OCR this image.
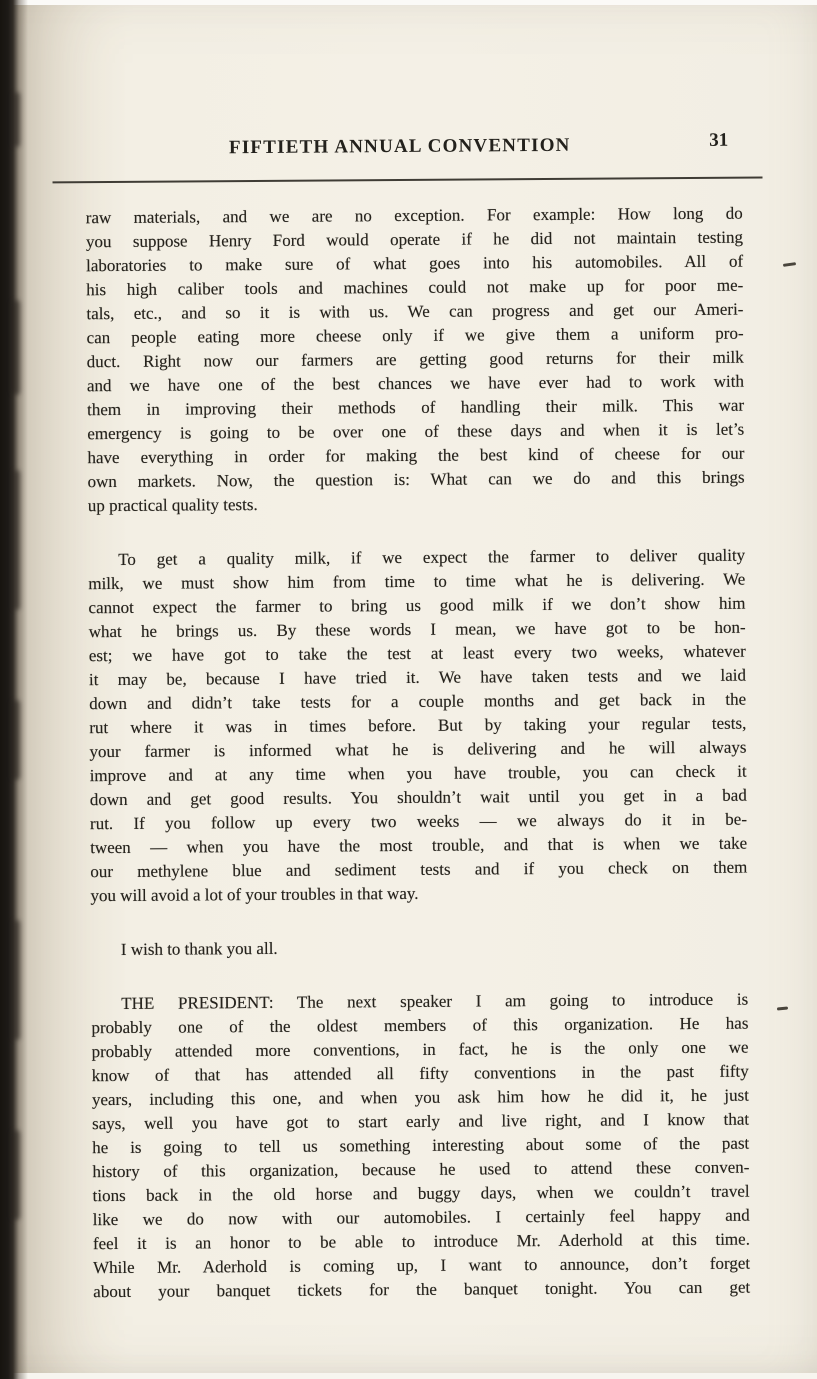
FIFTIETH ANNUAL CONVENTION	31
raw materials, and we are no exception. For example: How long do
you suppose Henry Ford would operate if he did not maintain testing
laboratories to make sure of what goes into his automobiles. All of
his high caliber tools and machines could not make up for poor me-
tals, etc., and so it is with us. We can progress and get our Ameri-
can people eating more cheese only if we give them a uniform pro-
duct. Right now our farmers are getting good returns for their milk
and we have one of the best chances we have ever had to work with
them in improving their methods of handling their milk. This war
emergency is going to be over one of these days and when it is let’s
have everything in order for making the best kind of cheese for our
own markets. Now, the question is: What can we do and this brings
up practical quality tests.
To get a quality milk, if we expect the farmer to deliver quality
milk, we must show him from time to time what he is delivering. We
cannot expect the farmer to bring us good milk if we don’t show him
what he brings us. By these words I mean, we have got to be hon-
est; we have got to take the test at least every two weeks, whatever
it may be, because I have tried it. We have taken tests and we laid
down and didn’t take tests for a couple months and get back in the
rut where it was in times before. But by taking your regular tests,
your farmer is informed what he is delivering and he will always
improve and at any time when you have trouble, you can check it
down and get good results. You shouldn’t wait until you get in a bad
rut. If you follow up every two weeks — we always do it in be-
tween — when you have the most trouble, and that is when we take
our methylene blue and sediment tests and if you check on them
you will avoid a lot of your troubles in that way.
I wish to thank you all.
THE PRESIDENT: The next speaker I am going to introduce is
probably one of the oldest members of this organization. He has
probably attended more conventions, in fact, he is the only one we
know of that has attended all fifty conventions in the past fifty
years, including this one, and when you ask him how he did it, he just
says, well you have got to start early and live right, and I know that
he is going to tell us something interesting about some of the past
history of this organization, because he used to attend these conven-
tions back in the old horse and buggy days, when we couldn’t travel
like we do now with our automobiles. I certainly feel happy and
feel it is an honor to be able to introduce Mr. Aderhold at this time.
While Mr. Aderhold is coming up, I want to announce, don’t forget
about your banquet tickets for the banquet tonight. You can get
